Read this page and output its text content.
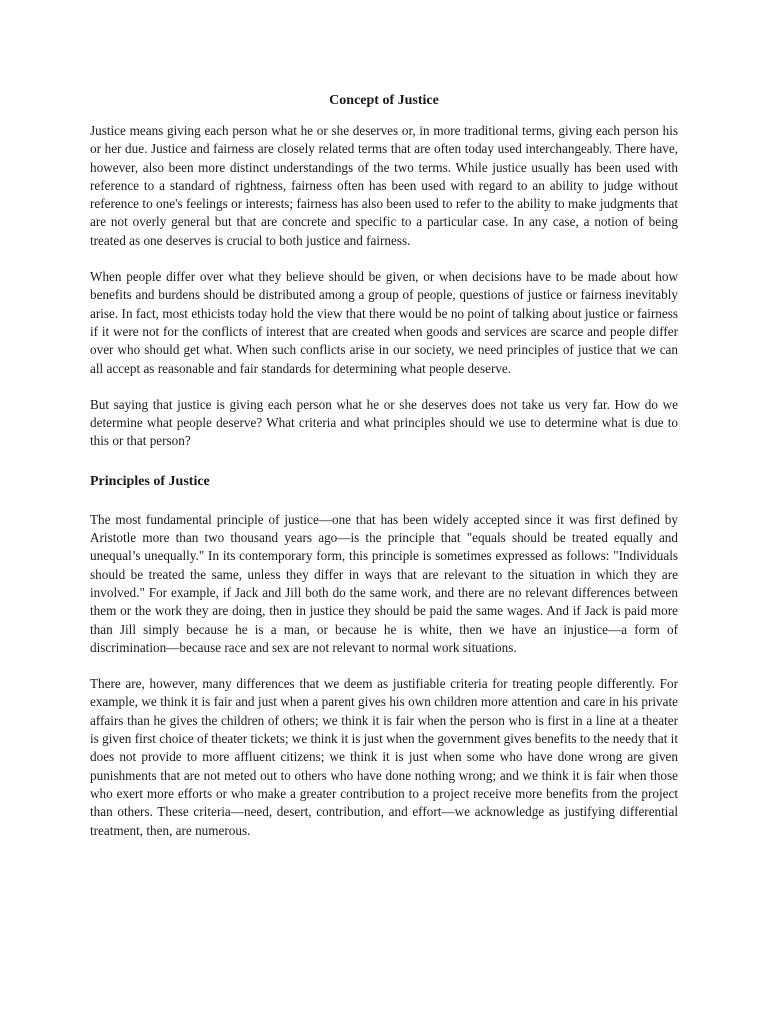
Concept of Justice

Justice means giving each person what he or she deserves or, in more traditional terms, giving each person his or her due. Justice and fairness are closely related terms that are often today used interchangeably. There have, however, also been more distinct understandings of the two terms. While justice usually has been used with reference to a standard of rightness, fairness often has been used with regard to an ability to judge without reference to one's feelings or interests; fairness has also been used to refer to the ability to make judgments that are not overly general but that are concrete and specific to a particular case. In any case, a notion of being treated as one deserves is crucial to both justice and fairness.

When people differ over what they believe should be given, or when decisions have to be made about how benefits and burdens should be distributed among a group of people, questions of justice or fairness inevitably arise. In fact, most ethicists today hold the view that there would be no point of talking about justice or fairness if it were not for the conflicts of interest that are created when goods and services are scarce and people differ over who should get what. When such conflicts arise in our society, we need principles of justice that we can all accept as reasonable and fair standards for determining what people deserve.

But saying that justice is giving each person what he or she deserves does not take us very far. How do we determine what people deserve? What criteria and what principles should we use to determine what is due to this or that person?

Principles of Justice

The most fundamental principle of justice—one that has been widely accepted since it was first defined by Aristotle more than two thousand years ago—is the principle that "equals should be treated equally and unequal’s unequally." In its contemporary form, this principle is sometimes expressed as follows: "Individuals should be treated the same, unless they differ in ways that are relevant to the situation in which they are involved." For example, if Jack and Jill both do the same work, and there are no relevant differences between them or the work they are doing, then in justice they should be paid the same wages. And if Jack is paid more than Jill simply because he is a man, or because he is white, then we have an injustice—a form of discrimination—because race and sex are not relevant to normal work situations.

There are, however, many differences that we deem as justifiable criteria for treating people differently. For example, we think it is fair and just when a parent gives his own children more attention and care in his private affairs than he gives the children of others; we think it is fair when the person who is first in a line at a theater is given first choice of theater tickets; we think it is just when the government gives benefits to the needy that it does not provide to more affluent citizens; we think it is just when some who have done wrong are given punishments that are not meted out to others who have done nothing wrong; and we think it is fair when those who exert more efforts or who make a greater contribution to a project receive more benefits from the project than others. These criteria—need, desert, contribution, and effort—we acknowledge as justifying differential treatment, then, are numerous.
